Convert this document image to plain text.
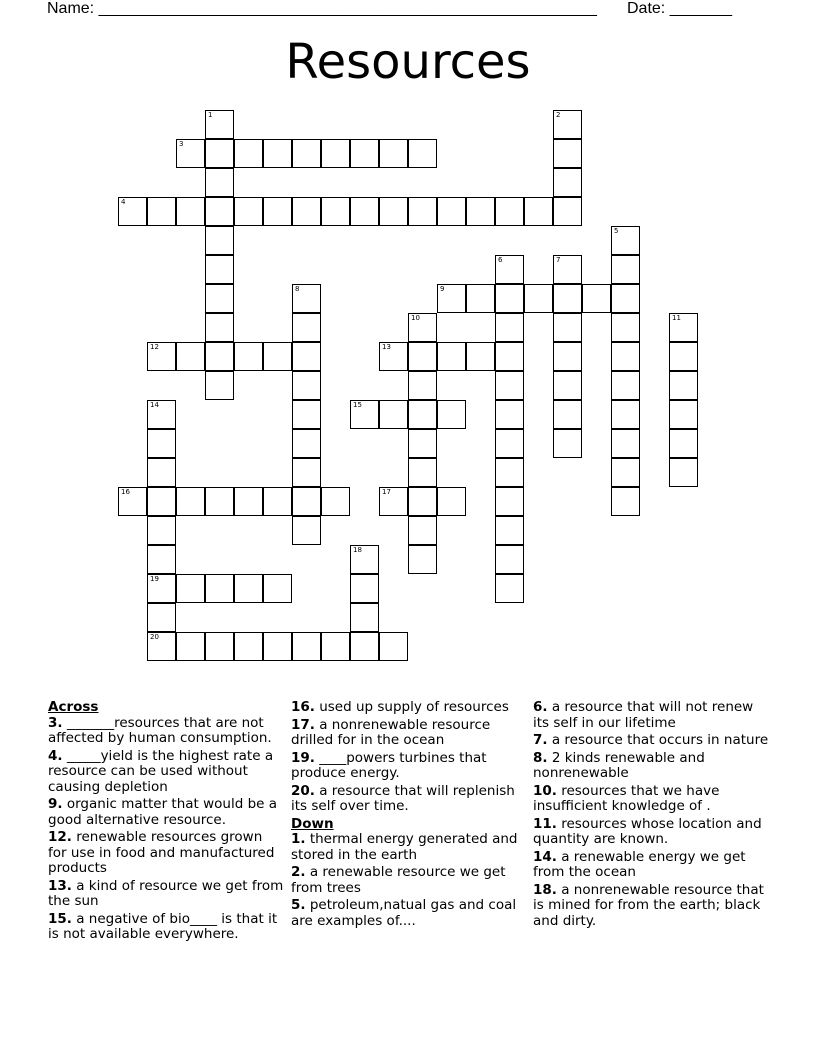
Name: ________________________________________________________ Date: _______
Resources
1	2
3
4
5
6	7
8	9
10	11
12	13
14
19
20
15
16	17
18
Across
3. _______resources that are not affected by human consumption.
4. _____yield is the highest rate a resource can be used without causing depletion
9. organic matter that would be a good alternative resource.
12. renewable resources grown for use in food and manufactured products
13. a kind of resource we get from the sun
15. a negative of bio____ is that it is not available everywhere.
16. used up supply of resources
17. a nonrenewable resource drilled for in the ocean
19. ____powers turbines that produce energy.
20. a resource that will replenish its self over time.
Down
1. thermal energy generated and stored in the earth
2. a renewable resource we get from trees
5. petroleum,natual gas and coal are examples of....
6. a resource that will not renew its self in our lifetime
7. a resource that occurs in nature
8. 2 kinds renewable and nonrenewable
10. resources that we have insufficient knowledge of .
11. resources whose location and quantity are known.
14. a renewable energy we get from the ocean
18. a nonrenewable resource that is mined for from the earth; black and dirty.
